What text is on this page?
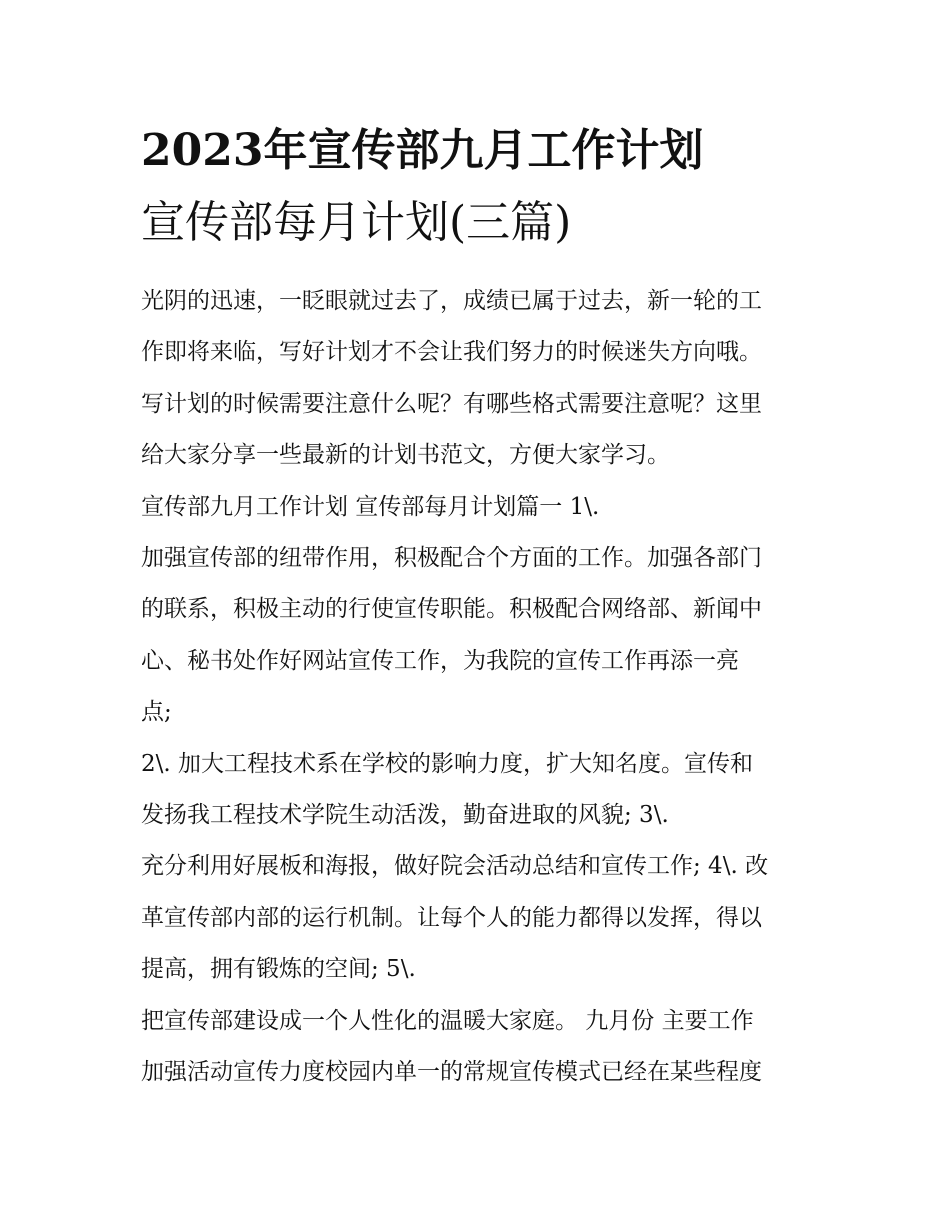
2023年宣传部九月工作计划
宣传部每月计划(三篇)
光阴的迅速，一眨眼就过去了，成绩已属于过去，新一轮的工
作即将来临，写好计划才不会让我们努力的时候迷失方向哦。
写计划的时候需要注意什么呢？有哪些格式需要注意呢？这里
给大家分享一些最新的计划书范文，方便大家学习。
宣传部九月工作计划 宣传部每月计划篇一 1\.
加强宣传部的纽带作用，积极配合个方面的工作。加强各部门
的联系，积极主动的行使宣传职能。积极配合网络部、新闻中
心、秘书处作好网站宣传工作，为我院的宣传工作再添一亮
点;
2\. 加大工程技术系在学校的影响力度，扩大知名度。宣传和
发扬我工程技术学院生动活泼，勤奋进取的风貌; 3\.
充分利用好展板和海报，做好院会活动总结和宣传工作; 4\. 改
革宣传部内部的运行机制。让每个人的能力都得以发挥，得以
提高，拥有锻炼的空间; 5\.
把宣传部建设成一个人性化的温暖大家庭。 九月份 主要工作
加强活动宣传力度校园内单一的常规宣传模式已经在某些程度
